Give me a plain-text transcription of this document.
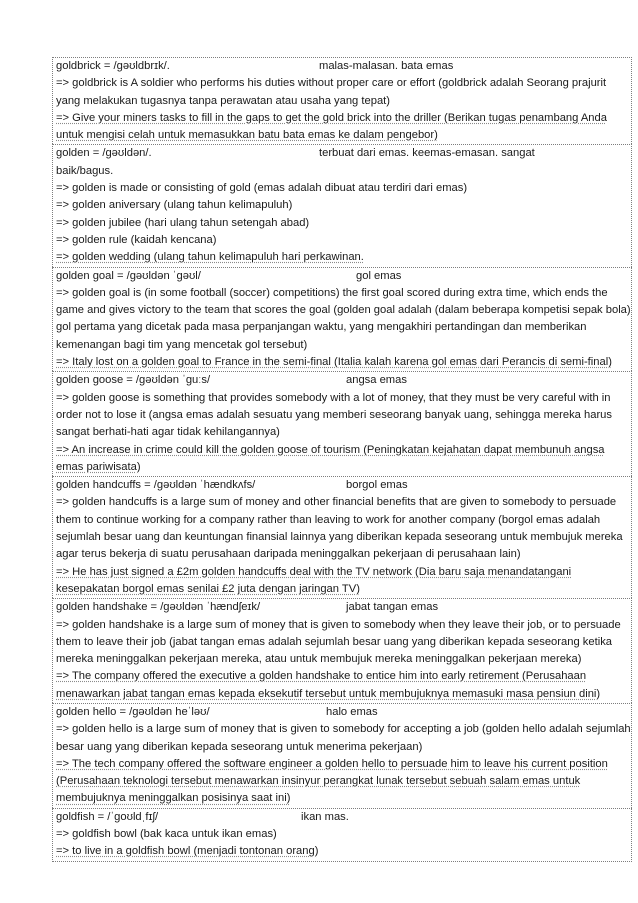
goldbrick = /ɡəʊldbrɪk/.	malas-malasan. bata emas

=> goldbrick is A soldier who performs his duties without proper care or effort (goldbrick adalah Seorang prajurit yang melakukan tugasnya tanpa perawatan atau usaha yang tepat)

=> Give your miners tasks to fill in the gaps to get the gold brick into the driller (Berikan tugas penambang Anda untuk mengisi celah untuk memasukkan batu bata emas ke dalam pengebor)

golden = /ɡəʊldən/.	terbuat dari emas. keemas-emasan. sangat

baik/bagus.

=> golden is made or consisting of gold (emas adalah dibuat atau terdiri dari emas)

=> golden aniversary (ulang tahun kelimapuluh)

=> golden jubilee (hari ulang tahun setengah abad)

=> golden rule (kaidah kencana)

=> golden wedding (ulang tahun kelimapuluh hari perkawinan.

golden goal = /ɡəʊldən ˈɡəʊl/	gol emas

=> golden goal is (in some football (soccer) competitions) the first goal scored during extra time, which ends the game and gives victory to the team that scores the goal (golden goal adalah (dalam beberapa kompetisi sepak bola) gol pertama yang dicetak pada masa perpanjangan waktu, yang mengakhiri pertandingan dan memberikan kemenangan bagi tim yang mencetak gol tersebut)

=> Italy lost on a golden goal to France in the semi-final (Italia kalah karena gol emas dari Perancis di semi-final)

golden goose = /ɡəʊldən ˈɡuːs/	angsa emas

=> golden goose is something that provides somebody with a lot of money, that they must be very careful with in order not to lose it (angsa emas adalah sesuatu yang memberi seseorang banyak uang, sehingga mereka harus sangat berhati-hati agar tidak kehilangannya)

=> An increase in crime could kill the golden goose of tourism (Peningkatan kejahatan dapat membunuh angsa emas pariwisata)

golden handcuffs = /ɡəʊldən ˈhændkʌfs/	borgol emas

=> golden handcuffs is a large sum of money and other financial benefits that are given to somebody to persuade them to continue working for a company rather than leaving to work for another company (borgol emas adalah sejumlah besar uang dan keuntungan finansial lainnya yang diberikan kepada seseorang untuk membujuk mereka agar terus bekerja di suatu perusahaan daripada meninggalkan pekerjaan di perusahaan lain)

=> He has just signed a £2m golden handcuffs deal with the TV network (Dia baru saja menandatangani kesepakatan borgol emas senilai £2 juta dengan jaringan TV)

golden handshake = /ɡəʊldən ˈhændʃeɪk/	jabat tangan emas

=> golden handshake is a large sum of money that is given to somebody when they leave their job, or to persuade them to leave their job (jabat tangan emas adalah sejumlah besar uang yang diberikan kepada seseorang ketika mereka meninggalkan pekerjaan mereka, atau untuk membujuk mereka meninggalkan pekerjaan mereka)

=> The company offered the executive a golden handshake to entice him into early retirement (Perusahaan menawarkan jabat tangan emas kepada eksekutif tersebut untuk membujuknya memasuki masa pensiun dini)

golden hello = /ɡəʊldən heˈləʊ/	halo emas

=> golden hello is a large sum of money that is given to somebody for accepting a job (golden hello adalah sejumlah besar uang yang diberikan kepada seseorang untuk menerima pekerjaan)

=> The tech company offered the software engineer a golden hello to persuade him to leave his current position (Perusahaan teknologi tersebut menawarkan insinyur perangkat lunak tersebut sebuah salam emas untuk membujuknya meninggalkan posisinya saat ini)

goldfish = /ˈɡoʊldˌfɪʃ/	ikan mas.

=> goldfish bowl (bak kaca untuk ikan emas)

=> to live in a goldfish bowl (menjadi tontonan orang)
